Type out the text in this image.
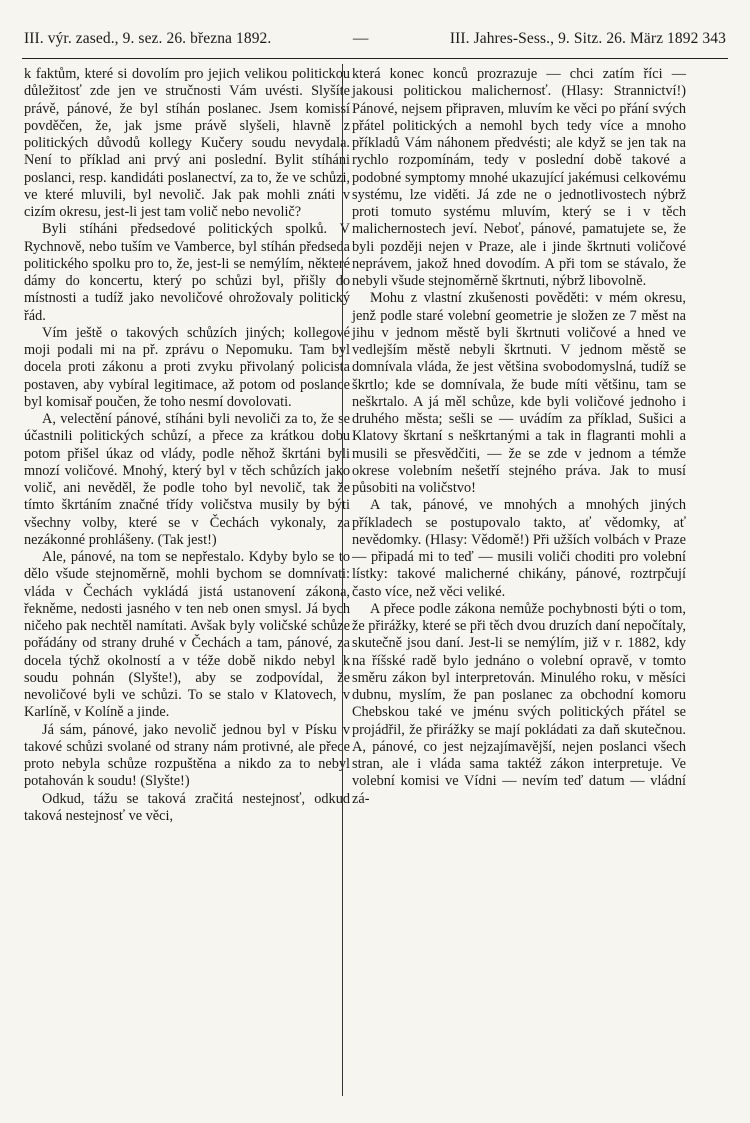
III. výr. zased., 9. sez. 26. března 1892.	—	III. Jahres-Sess., 9. Sitz. 26. März 1892 343

k faktům, které si dovolím pro jejich velikou politickou důležitosť zde jen ve stručnosti Vám uvésti. Slyšíte právě, pánové, že byl stíhán poslanec. Jsem komissí povděčen, že, jak jsme právě slyšeli, hlavně z politických důvodů kollegy Kučery soudu nevydala. Není to příklad ani prvý ani poslední. Bylit stíháni poslanci, resp. kandidáti poslanectví, za to, že ve schůzi, ve které mluvili, byl nevolič. Jak pak mohli znáti v cizím okresu, jest-li jest tam volič nebo nevolič?

Byli stíháni předsedové politických spolků. V Rychnově, nebo tuším ve Vamberce, byl stíhán předseda politického spolku pro to, že, jest-li se nemýlím, některé dámy do koncertu, který po schůzi byl, přišly do místnosti a tudíž jako nevoličové ohrožovaly politický řád.

Vím ještě o takových schůzích jiných; kollegové moji podali mi na př. zprávu o Nepomuku. Tam byl docela proti zákonu a proti zvyku přivolaný policista postaven, aby vybíral legitimace, až potom od poslance byl komisař poučen, že toho nesmí dovolovati.

A, velectění pánové, stíháni byli nevoliči za to, že se účastnili politických schůzí, a přece za krátkou dobu potom přišel úkaz od vlády, podle něhož škrtáni byli mnozí voličové. Mnohý, který byl v těch schůzích jako volič, ani nevěděl, že podle toho byl nevolič, tak že tímto škrtáním značné třídy voličstva musily by býti všechny volby, které se v Čechách vykonaly, za nezákonné prohlášeny. (Tak jest!)

Ale, pánové, na tom se nepřestalo. Kdyby bylo se to dělo všude stejnoměrně, mohli bychom se domnívati: vláda v Čechách vykládá jistá ustanovení zákona, řekněme, nedosti jasného v ten neb onen smysl. Já bych ničeho pak nechtěl namítati. Avšak byly voličské schůze pořádány od strany druhé v Čechách a tam, pánové, za docela týchž okolností a v téže době nikdo nebyl k soudu pohnán (Slyšte!), aby se zodpovídal, že nevoličové byli ve schůzi. To se stalo v Klatovech, v Karlíně, v Kolíně a jinde.

Já sám, pánové, jako nevolič jednou byl v Písku v takové schůzi svolané od strany nám protivné, ale přece proto nebyla schůze rozpuštěna a nikdo za to nebyl potahován k soudu! (Slyšte!)

Odkud, tážu se taková zračitá nestejnosť, odkud taková nestejnosť ve věci,

která konec konců prozrazuje — chci zatím říci — jakousi politickou malichernosť. (Hlasy: Strannictví!) Pánové, nejsem připraven, mluvím ke věci po přání svých přátel politických a nemohl bych tedy více a mnoho příkladů Vám náhonem předvésti; ale když se jen tak na rychlo rozpomínám, tedy v poslední době takové a podobné symptomy mnohé ukazující jakémusi celkovému systému, lze viděti. Já zde ne o jednotlivostech nýbrž proti tomuto systému mluvím, který se i v těch malichernostech jeví. Neboť, pánové, pamatujete se, že byli později nejen v Praze, ale i jinde škrtnuti voličové neprávem, jakož hned dovodím. A při tom se stávalo, že nebyli všude stejnoměrně škrtnuti, nýbrž libovolně.

Mohu z vlastní zkušenosti pověděti: v mém okresu, jenž podle staré volební geometrie je složen ze 7 měst na jihu v jednom městě byli škrtnuti voličové a hned ve vedlejším městě nebyli škrtnuti. V jednom městě se domnívala vláda, že jest většina svobodomyslná, tudíž se škrtlo; kde se domnívala, že bude míti většinu, tam se neškrtalo. A já měl schůze, kde byli voličové jednoho i druhého města; sešli se — uvádím za příklad, Sušici a Klatovy škrtaní s neškrtanými a tak in flagranti mohli a musili se přesvědčiti, — že se zde v jednom a témže okrese volebním nešetří stejného práva. Jak to musí působiti na voličstvo!

A tak, pánové, ve mnohých a mnohých jiných příkladech se postupovalo takto, ať vědomky, ať nevědomky. (Hlasy: Vědomě!) Při užších volbách v Praze — připadá mi to teď — musili voliči choditi pro volební lístky: takové malicherné chikány, pánové, roztrpčují často více, než věci veliké.

A přece podle zákona nemůže pochybnosti býti o tom, že přirážky, které se při těch dvou druzích daní nepočítaly, skutečně jsou daní. Jest-li se nemýlím, již v r. 1882, kdy na říšské radě bylo jednáno o volební opravě, v tomto směru zákon byl interpretován. Minulého roku, v měsíci dubnu, myslím, že pan poslanec za obchodní komoru Chebskou také ve jménu svých politických přátel se projádřil, že přirážky se mají pokládati za daň skutečnou. A, pánové, co jest nejzajímavější, nejen poslanci všech stran, ale i vláda sama taktéž zákon interpretuje. Ve volební komisi ve Vídni — nevím teď datum — vládní zá-
